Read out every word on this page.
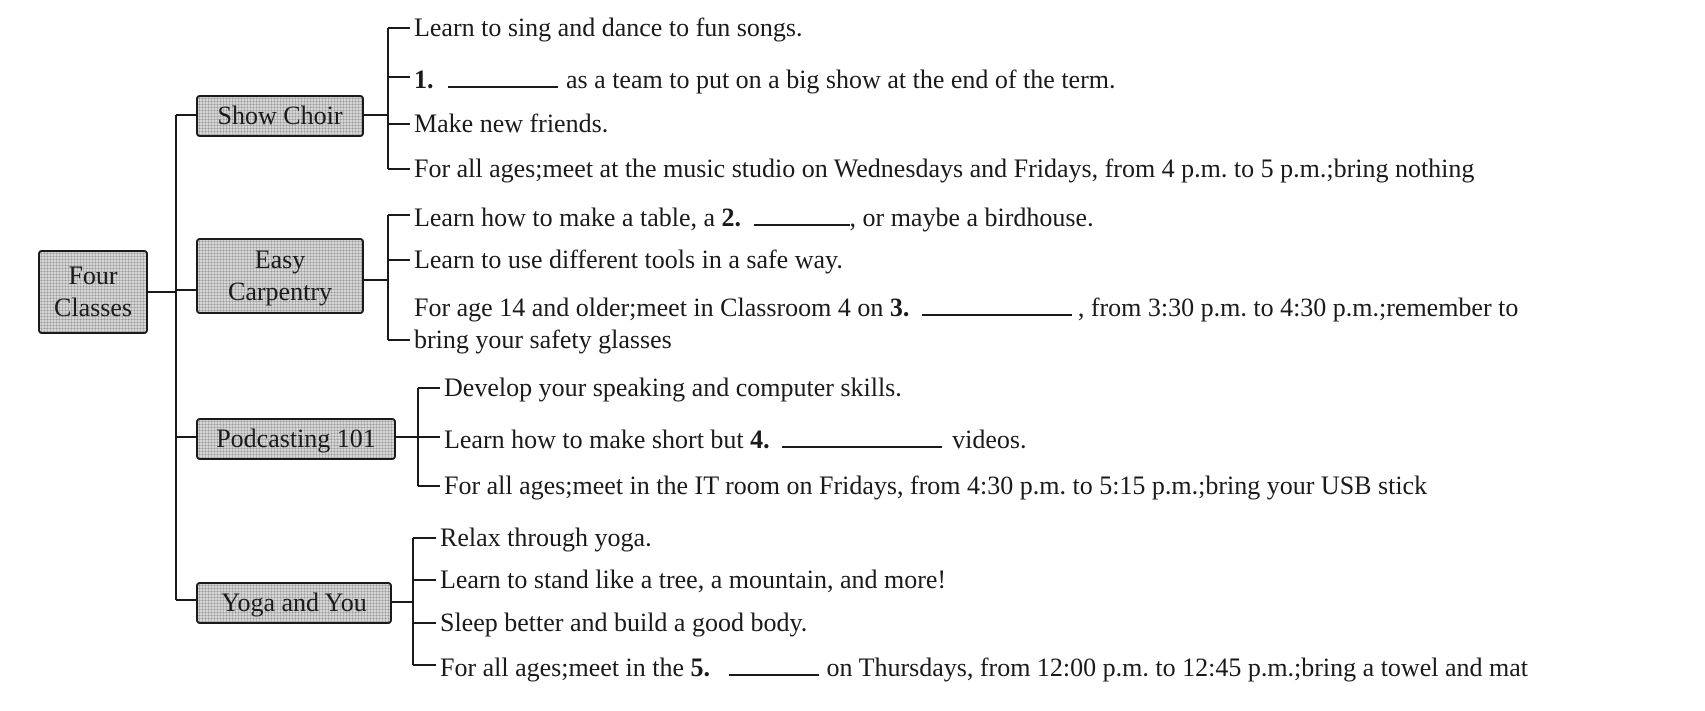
Four
Classes
Show Choir
Easy
Carpentry
Podcasting 101
Yoga and You
Learn to sing and dance to fun songs.
1.	as a team to put on a big show at the end of the term.
Make new friends.
For all ages;meet at the music studio on Wednesdays and Fridays, from 4 p.m. to 5 p.m.;bring nothing
Learn how to make a table, a 2.	, or maybe a birdhouse.
Learn to use different tools in a safe way.
For age 14 and older;meet in Classroom 4 on 3.	, from 3:30 p.m. to 4:30 p.m.;remember to
bring your safety glasses
Develop your speaking and computer skills.
Learn how to make short but 4.	videos.
For all ages;meet in the IT room on Fridays, from 4:30 p.m. to 5:15 p.m.;bring your USB stick
Relax through yoga.
Learn to stand like a tree, a mountain, and more!
Sleep better and build a good body.
For all ages;meet in the 5.	on Thursdays, from 12:00 p.m. to 12:45 p.m.;bring a towel and mat
